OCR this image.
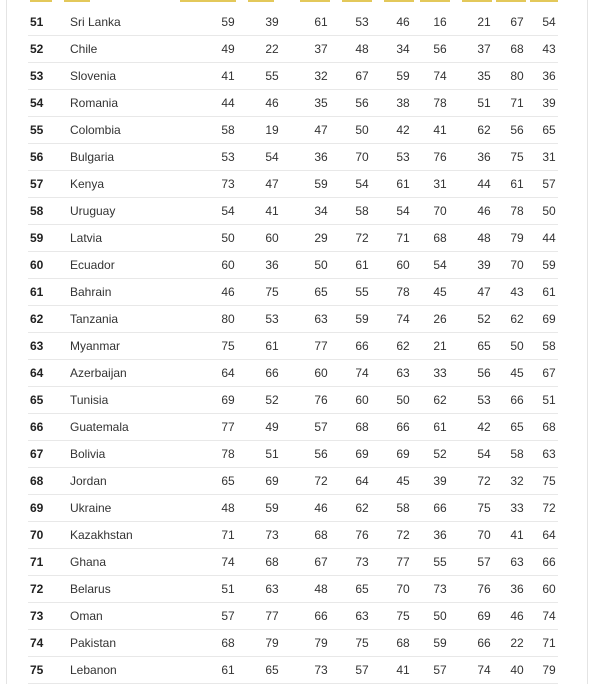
51 Sri Lanka	59	39	61	53	46	16	21	67	54
52 Chile	49	22	37	48	34	56	37	68	43
53 Slovenia	41	55	32	67	59	74	35	80	36
54 Romania	44	46	35	56	38	78	51	71	39
55 Colombia	58	19	47	50	42	41	62	56	65
56 Bulgaria	53	54	36	70	53	76	36	75	31
57 Kenya	73	47	59	54	61	31	44	61	57
58 Uruguay	54	41	34	58	54	70	46	78	50
59 Latvia	50	60	29	72	71	68	48	79	44
60 Ecuador	60	36	50	61	60	54	39	70	59
61 Bahrain	46	75	65	55	78	45	47	43	61
62 Tanzania	80	53	63	59	74	26	52	62	69
63 Myanmar	75	61	77	66	62	21	65	50	58
64 Azerbaijan	64	66	60	74	63	33	56	45	67
65 Tunisia	69	52	76	60	50	62	53	66	51
66 Guatemala	77	49	57	68	66	61	42	65	68
67 Bolivia	78	51	56	69	69	52	54	58	63
68 Jordan	65	69	72	64	45	39	72	32	75
69 Ukraine	48	59	46	62	58	66	75	33	72
70 Kazakhstan	71	73	68	76	72	36	70	41	64
71 Ghana	74	68	67	73	77	55	57	63	66
72 Belarus	51	63	48	65	70	73	76	36	60
73 Oman	57	77	66	63	75	50	69	46	74
74 Pakistan	68	79	79	75	68	59	66	22	71
75 Lebanon	61	65	73	57	41	57	74	40	79
